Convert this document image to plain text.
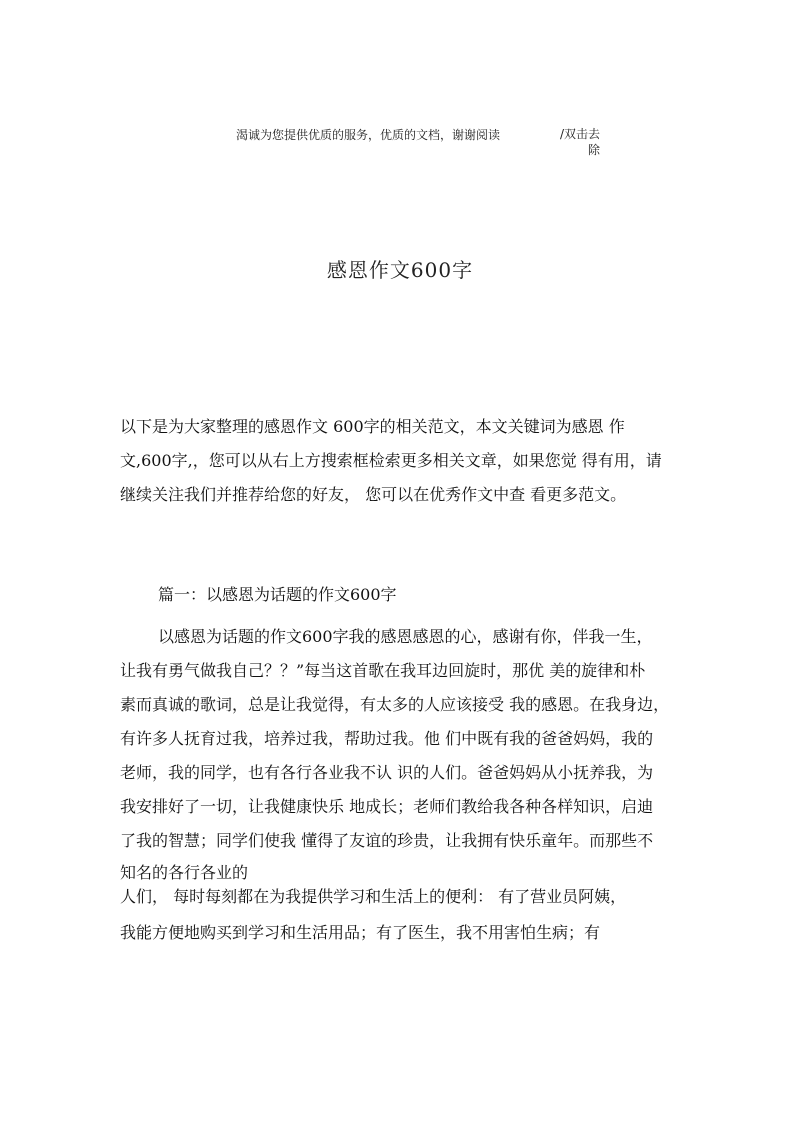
渴诚为您提供优质的服务，优质的文档，谢谢阅读	/双击去
除
感恩作文600字
以下是为大家整理的感恩作文 600字的相关范文，本文关键词为感恩 作
文,600字,，您可以从右上方搜索框检索更多相关文章，如果您觉 得有用，请
继续关注我们并推荐给您的好友， 您可以在优秀作文中查 看更多范文。
篇一：以感恩为话题的作文600字
以感恩为话题的作文600字我的感恩感恩的心，感谢有你，伴我一生，
让我有勇气做我自己？？”每当这首歌在我耳边回旋时，那优 美的旋律和朴
素而真诚的歌词，总是让我觉得，有太多的人应该接受 我的感恩。在我身边，
有许多人抚育过我，培养过我，帮助过我。他 们中既有我的爸爸妈妈，我的
老师，我的同学，也有各行各业我不认 识的人们。爸爸妈妈从小抚养我，为
我安排好了一切，让我健康快乐 地成长；老师们教给我各种各样知识，启迪
了我的智慧；同学们使我 懂得了友谊的珍贵，让我拥有快乐童年。而那些不
知名的各行各业的
人们， 每时每刻都在为我提供学习和生活上的便利： 有了营业员阿姨，
我能方便地购买到学习和生活用品；有了医生，我不用害怕生病；有
